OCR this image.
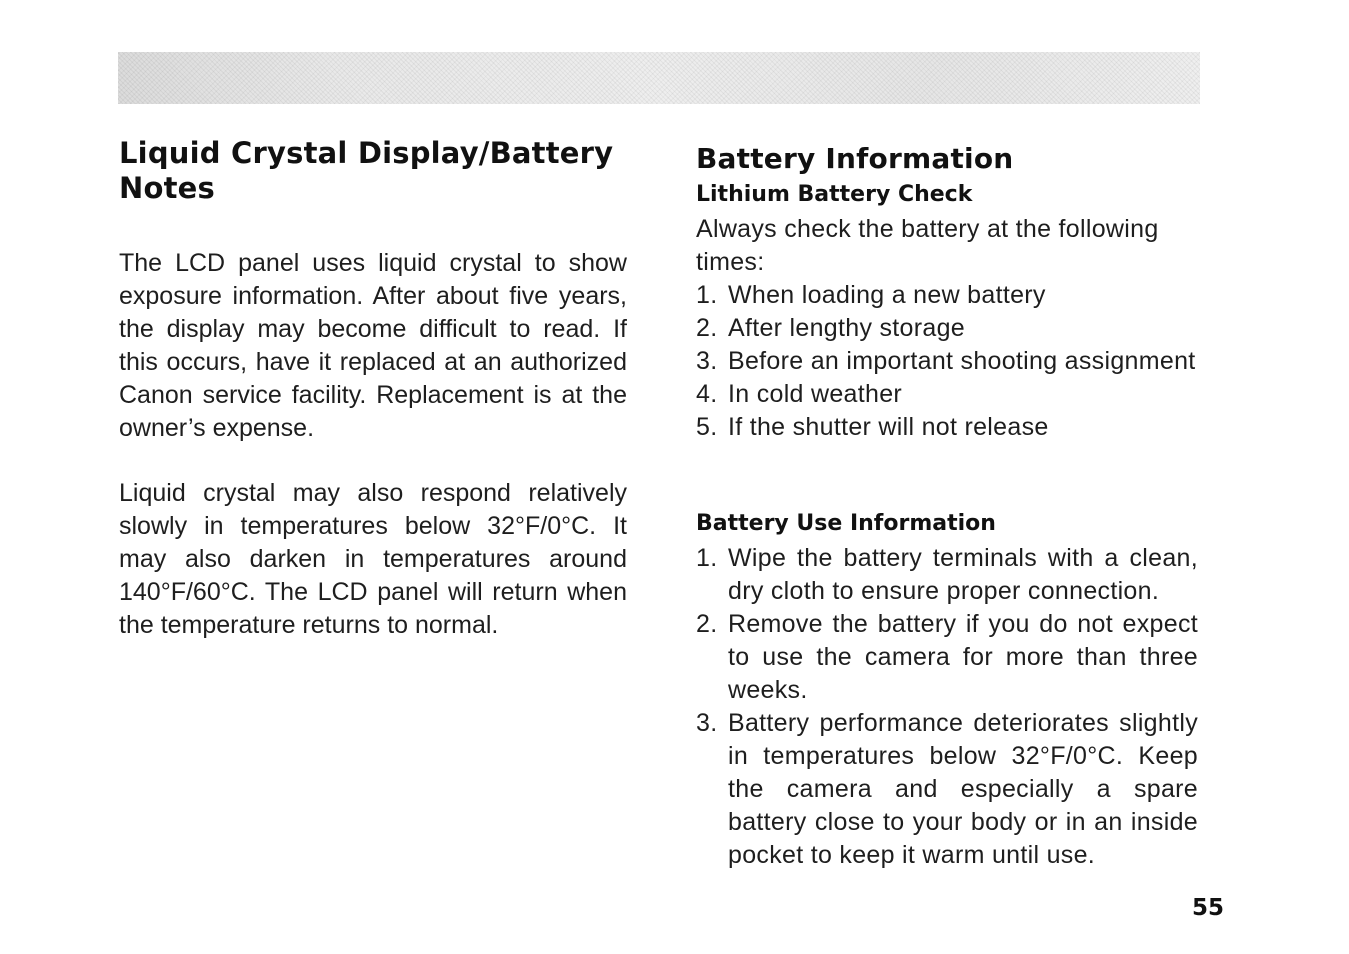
Liquid Crystal Display/Battery Notes

The LCD panel uses liquid crystal to show exposure information. After about five years, the display may become difficult to read. If this occurs, have it replaced at an authorized Canon service facility. Replacement is at the owner’s expense.

Liquid crystal may also respond relatively slowly in temperatures below 32°F/0°C. It may also darken in temperatures around 140°F/60°C. The LCD panel will return when the temperature returns to normal.

Battery Information
Lithium Battery Check

Always check the battery at the following times:

1. When loading a new battery
2. After lengthy storage
3. Before an important shooting assignment
4. In cold weather
5. If the shutter will not release
Battery Use Information
1. Wipe the battery terminals with a clean, dry cloth to ensure proper connection.
2. Remove the battery if you do not expect to use the camera for more than three weeks.
3. Battery performance deteriorates slightly in temperatures below 32°F/0°C. Keep the camera and especially a spare battery close to your body or in an inside pocket to keep it warm until use.
55
